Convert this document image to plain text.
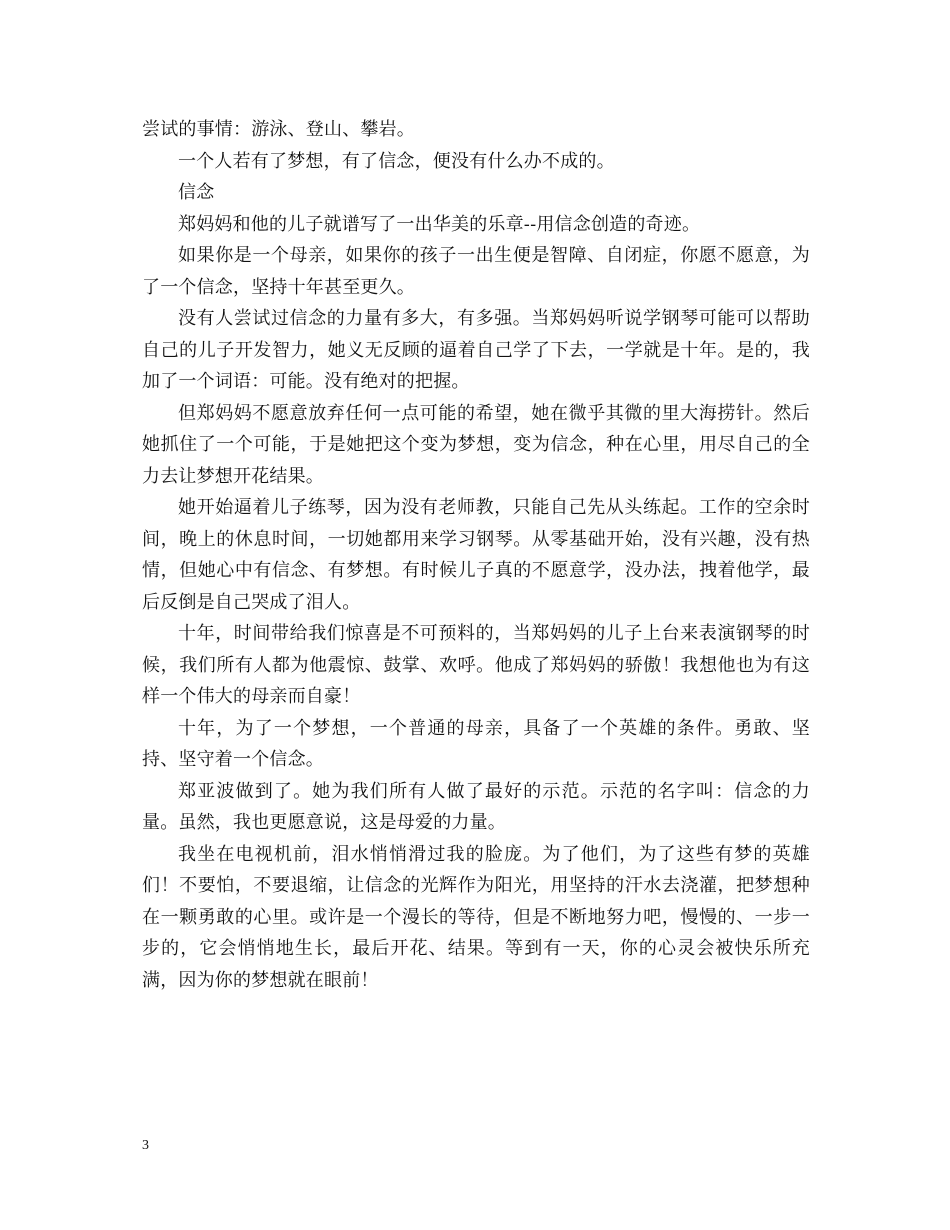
尝试的事情：游泳、登山、攀岩。

一个人若有了梦想，有了信念，便没有什么办不成的。

信念

郑妈妈和他的儿子就谱写了一出华美的乐章--用信念创造的奇迹。

如果你是一个母亲，如果你的孩子一出生便是智障、自闭症，你愿不愿意，为了一个信念，坚持十年甚至更久。

没有人尝试过信念的力量有多大，有多强。当郑妈妈听说学钢琴可能可以帮助自己的儿子开发智力，她义无反顾的逼着自己学了下去，一学就是十年。是的，我加了一个词语：可能。没有绝对的把握。

但郑妈妈不愿意放弃任何一点可能的希望，她在微乎其微的里大海捞针。然后她抓住了一个可能，于是她把这个变为梦想，变为信念，种在心里，用尽自己的全力去让梦想开花结果。

她开始逼着儿子练琴，因为没有老师教，只能自己先从头练起。工作的空余时间，晚上的休息时间，一切她都用来学习钢琴。从零基础开始，没有兴趣，没有热情，但她心中有信念、有梦想。有时候儿子真的不愿意学，没办法，拽着他学，最后反倒是自己哭成了泪人。

十年，时间带给我们惊喜是不可预料的，当郑妈妈的儿子上台来表演钢琴的时候，我们所有人都为他震惊、鼓掌、欢呼。他成了郑妈妈的骄傲！我想他也为有这样一个伟大的母亲而自豪！

十年，为了一个梦想，一个普通的母亲，具备了一个英雄的条件。勇敢、坚持、坚守着一个信念。

郑亚波做到了。她为我们所有人做了最好的示范。示范的名字叫：信念的力量。虽然，我也更愿意说，这是母爱的力量。

我坐在电视机前，泪水悄悄滑过我的脸庞。为了他们，为了这些有梦的英雄们！不要怕，不要退缩，让信念的光辉作为阳光，用坚持的汗水去浇灌，把梦想种在一颗勇敢的心里。或许是一个漫长的等待，但是不断地努力吧，慢慢的、一步一步的，它会悄悄地生长，最后开花、结果。等到有一天，你的心灵会被快乐所充满，因为你的梦想就在眼前！

3
